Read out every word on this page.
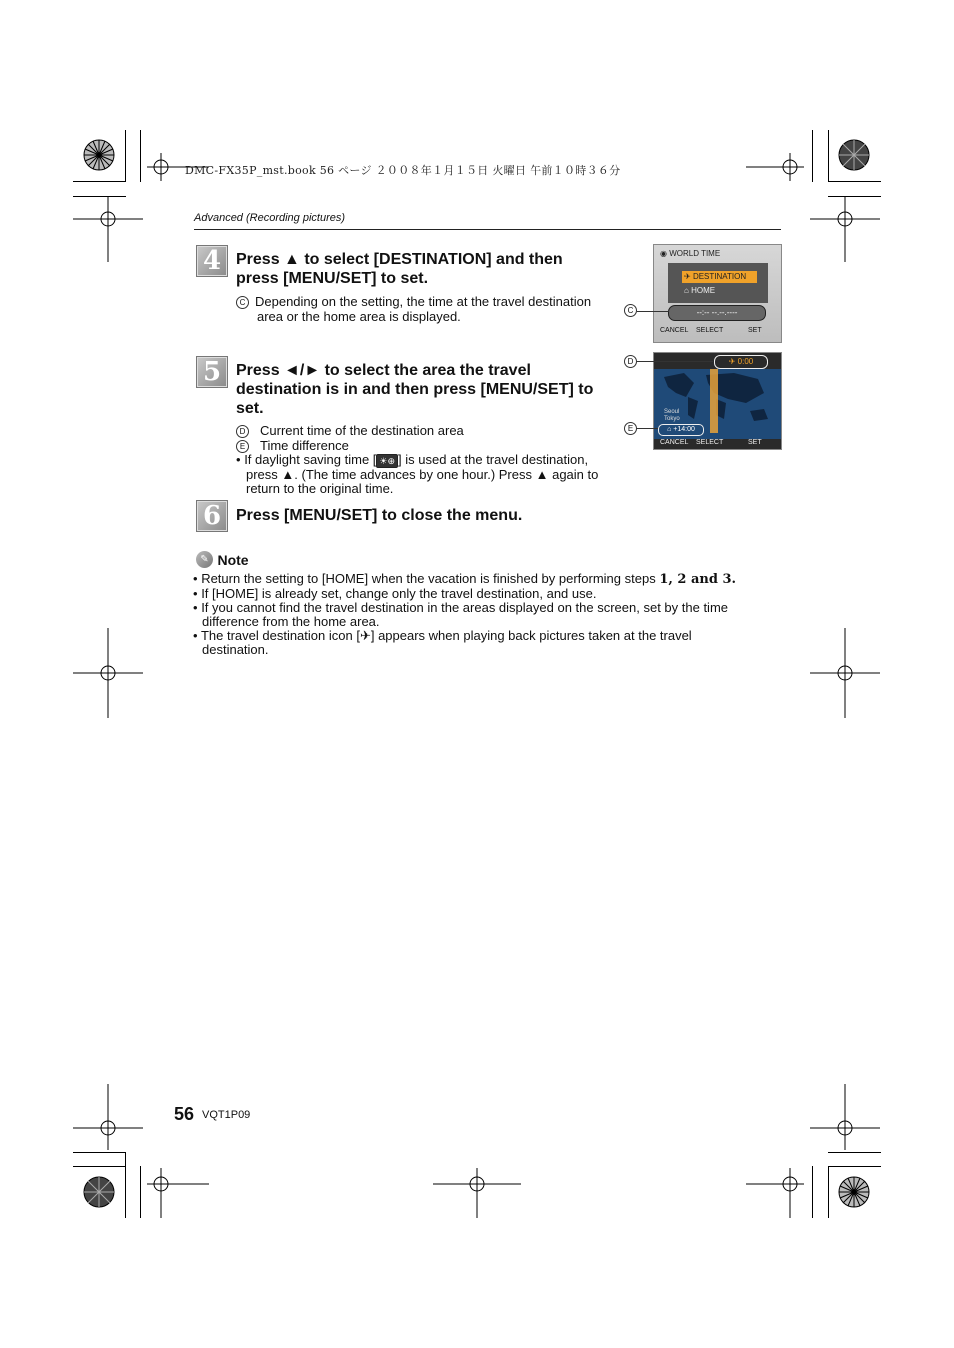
DMC-FX35P_mst.book 56 ページ ２００８年１月１５日 火曜日 午前１０時３６分
Advanced (Recording pictures)
4 Press ▲ to select [DESTINATION] and then
press [MENU/SET] to set.
C Depending on the setting, the time at the travel destination
area or the home area is displayed.
◉ WORLD TIME
✈ DESTINATION
⌂ HOME
--:-- --.--.----
CANCEL SELECT	SET
C
5 Press ◄/► to select the area the travel
destination is in and then press [MENU/SET] to
set.
D Current time of the destination area
E Time difference
• If daylight saving time [ ☀⊕ ] is used at the travel destination,
press ▲. (The time advances by one hour.) Press ▲ again to
return to the original time.
✈ 0:00
Seoul
Tokyo
⌂ +14:00
CANCEL SELECT	SET
D
E
6 Press [MENU/SET] to close the menu.
✎ Note
• Return the setting to [HOME] when the vacation is finished by performing steps 1, 2 and 3.
• If [HOME] is already set, change only the travel destination, and use.
• If you cannot find the travel destination in the areas displayed on the screen, set by the time
difference from the home area.
• The travel destination icon [✈] appears when playing back pictures taken at the travel
destination.
56 VQT1P09
